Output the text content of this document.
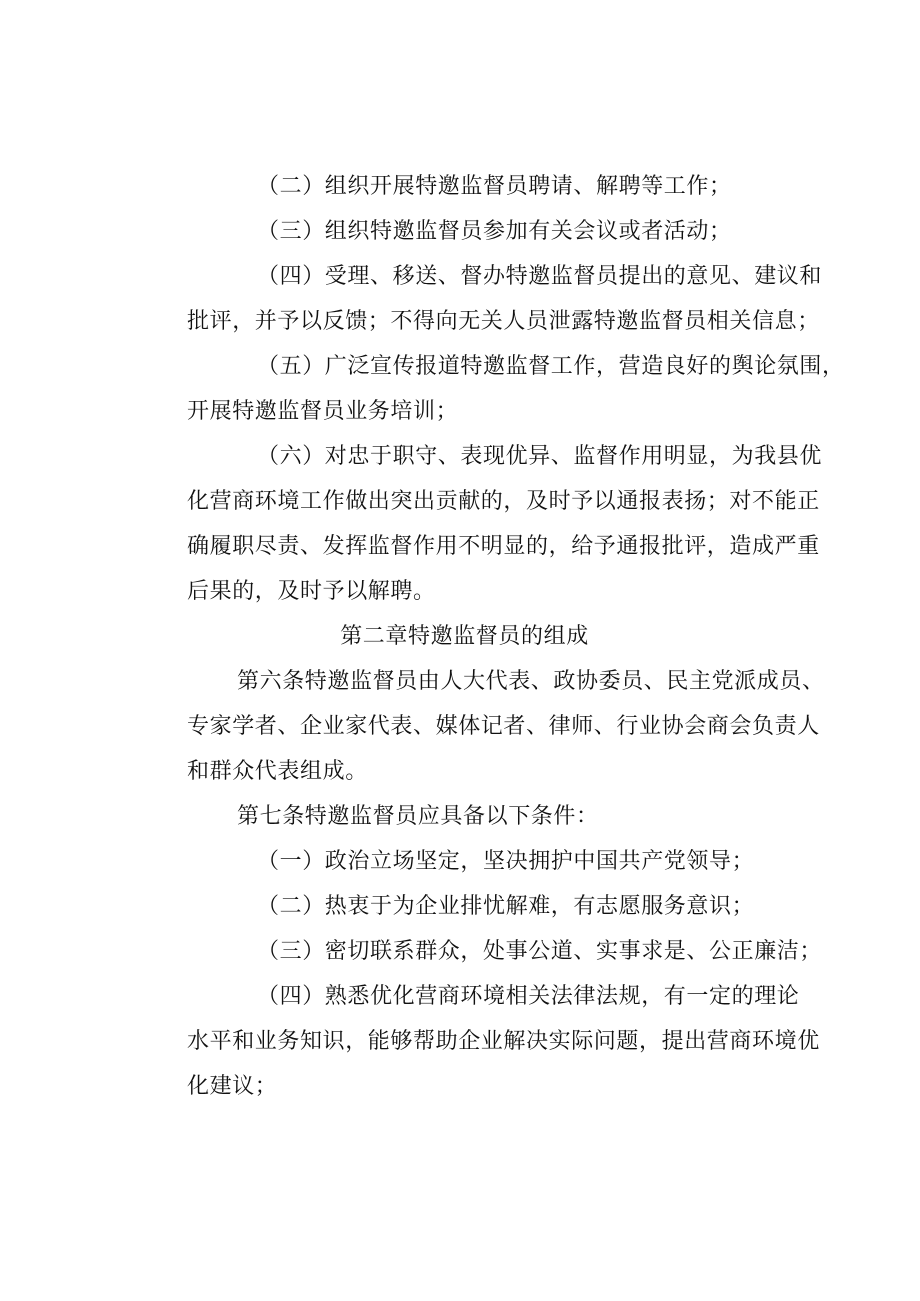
（二）组织开展特邀监督员聘请、解聘等工作；

（三）组织特邀监督员参加有关会议或者活动；

（四）受理、移送、督办特邀监督员提出的意见、建议和
批评，并予以反馈；不得向无关人员泄露特邀监督员相关信息；

（五）广泛宣传报道特邀监督工作，营造良好的舆论氛围，
开展特邀监督员业务培训；

（六）对忠于职守、表现优异、监督作用明显，为我县优
化营商环境工作做出突出贡献的，及时予以通报表扬；对不能正
确履职尽责、发挥监督作用不明显的，给予通报批评，造成严重
后果的，及时予以解聘。

第二章特邀监督员的组成

第六条特邀监督员由人大代表、政协委员、民主党派成员、
专家学者、企业家代表、媒体记者、律师、行业协会商会负责人
和群众代表组成。

第七条特邀监督员应具备以下条件：

（一）政治立场坚定，坚决拥护中国共产党领导；

（二）热衷于为企业排忧解难，有志愿服务意识；

（三）密切联系群众，处事公道、实事求是、公正廉洁；

（四）熟悉优化营商环境相关法律法规，有一定的理论
水平和业务知识，能够帮助企业解决实际问题，提出营商环境优
化建议；
